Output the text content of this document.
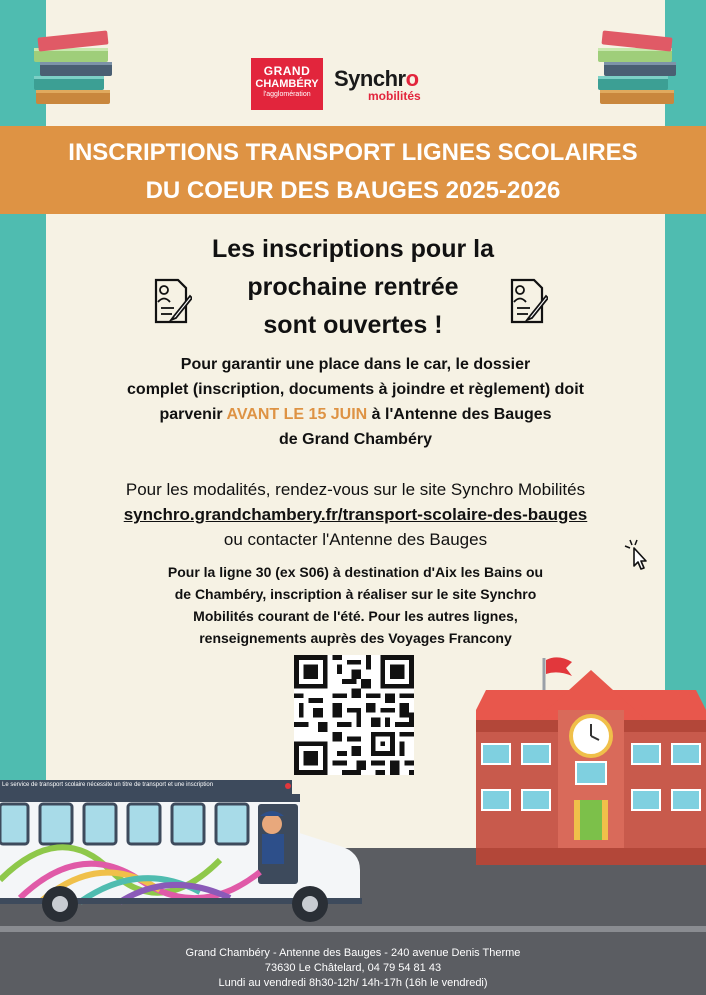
GRAND
CHAMBÉRY
l'agglomération
Synchro
mobilités
INSCRIPTIONS TRANSPORT LIGNES SCOLAIRES
DU COEUR DES BAUGES 2025-2026
Les inscriptions pour la
prochaine rentrée
sont ouvertes !
Pour garantir une place dans le car, le dossier
complet (inscription, documents à joindre et règlement) doit
parvenir AVANT LE 15 JUIN à l'Antenne des Bauges
de Grand Chambéry
Pour les modalités, rendez-vous sur le site Synchro Mobilités
synchro.grandchambery.fr/transport-scolaire-des-bauges
ou contacter l'Antenne des Bauges
Pour la ligne 30 (ex S06) à destination d'Aix les Bains ou
de Chambéry, inscription à réaliser sur le site Synchro
Mobilités courant de l'été. Pour les autres lignes,
renseignements auprès des Voyages Francony
Le service de transport scolaire nécessite un titre de transport et une inscription
Grand Chambéry - Antenne des Bauges - 240 avenue Denis Therme
73630 Le Châtelard, 04 79 54 81 43
Lundi au vendredi 8h30-12h/ 14h-17h (16h le vendredi)
